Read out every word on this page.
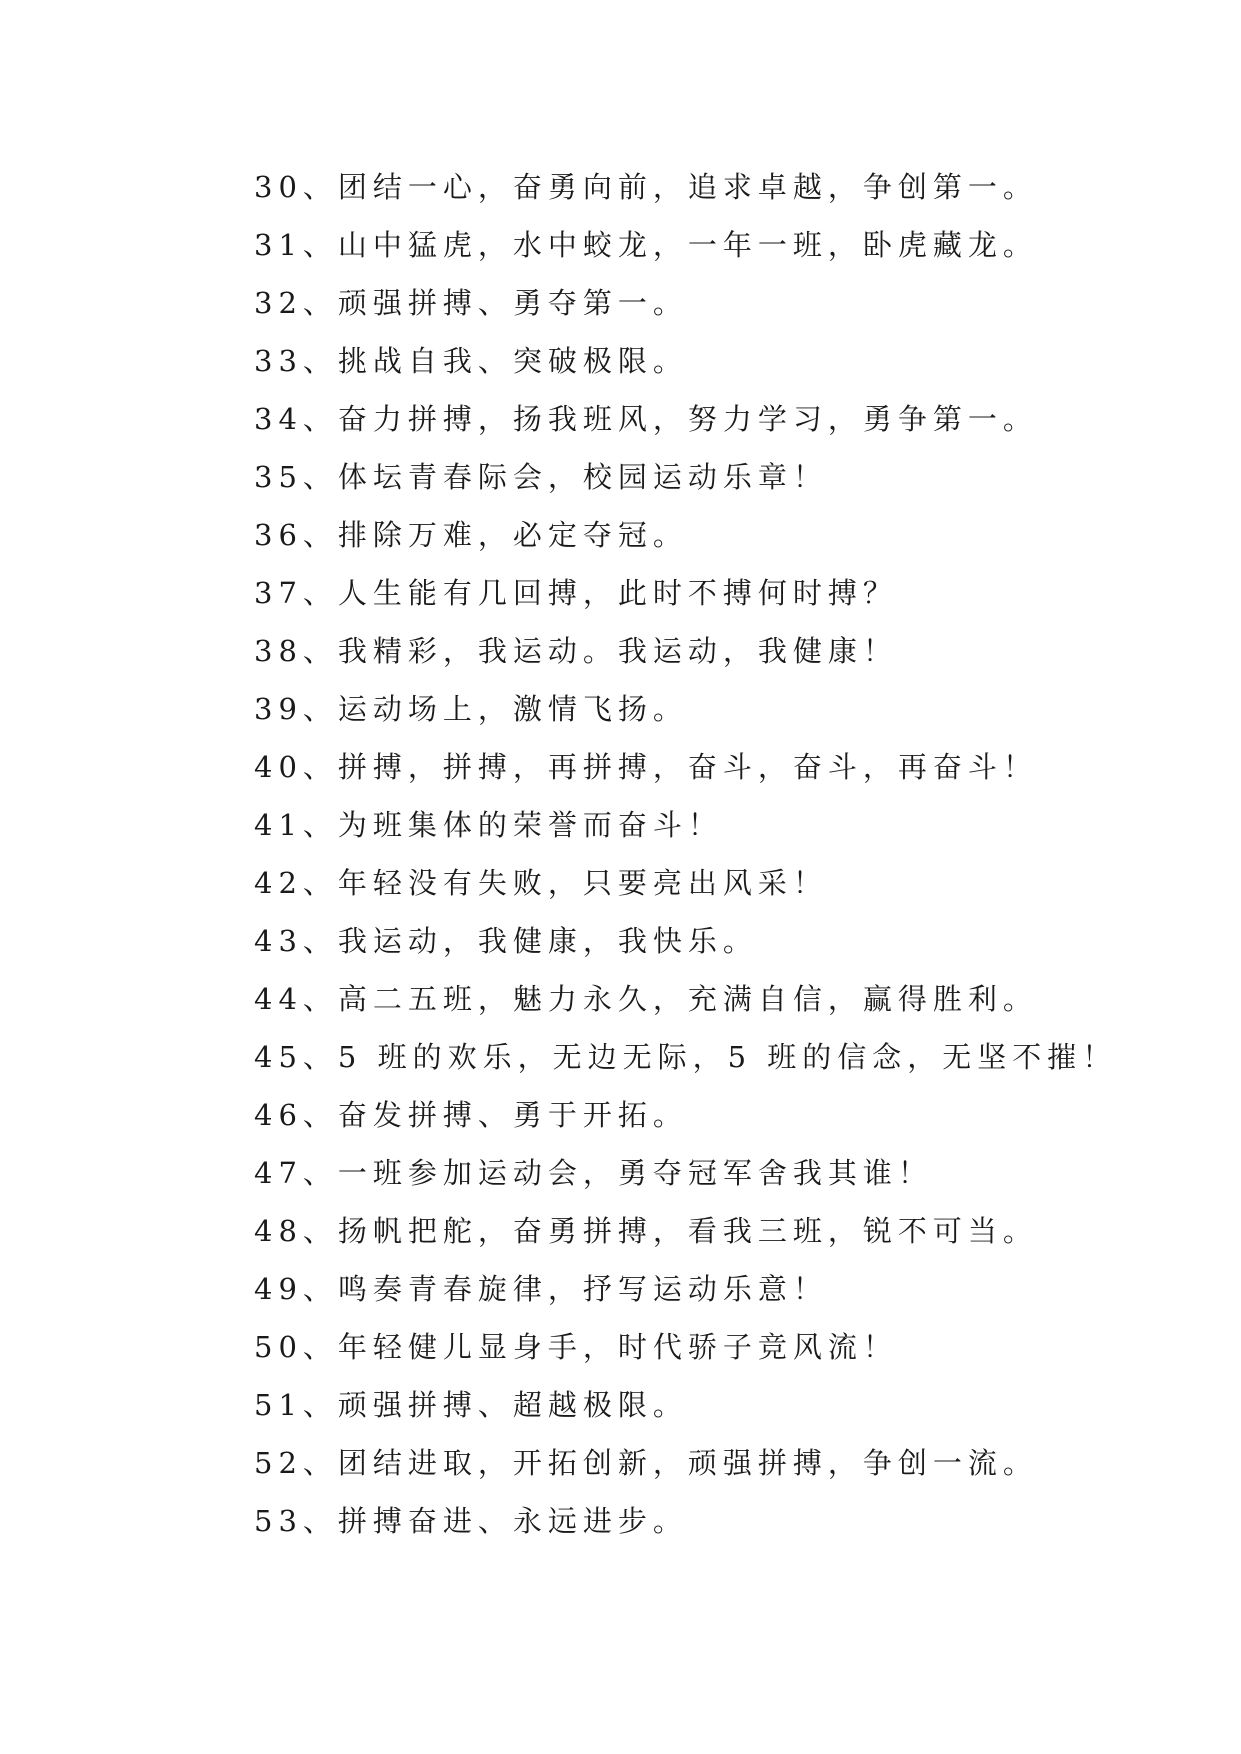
30、团结一心，奋勇向前，追求卓越，争创第一。
31、山中猛虎，水中蛟龙，一年一班，卧虎藏龙。
32、顽强拼搏、勇夺第一。
33、挑战自我、突破极限。
34、奋力拼搏，扬我班风，努力学习，勇争第一。
35、体坛青春际会，校园运动乐章！
36、排除万难，必定夺冠。
37、人生能有几回搏，此时不搏何时搏？
38、我精彩，我运动。我运动，我健康！
39、运动场上，激情飞扬。
40、拼搏，拼搏，再拼搏，奋斗，奋斗，再奋斗！
41、为班集体的荣誉而奋斗！
42、年轻没有失败，只要亮出风采！
43、我运动，我健康，我快乐。
44、高二五班，魅力永久，充满自信，赢得胜利。
45、5 班的欢乐，无边无际，5 班的信念，无坚不摧！
46、奋发拼搏、勇于开拓。
47、一班参加运动会，勇夺冠军舍我其谁！
48、扬帆把舵，奋勇拼搏，看我三班，锐不可当。
49、鸣奏青春旋律，抒写运动乐意！
50、年轻健儿显身手，时代骄子竞风流！
51、顽强拼搏、超越极限。
52、团结进取，开拓创新，顽强拼搏，争创一流。
53、拼搏奋进、永远进步。
